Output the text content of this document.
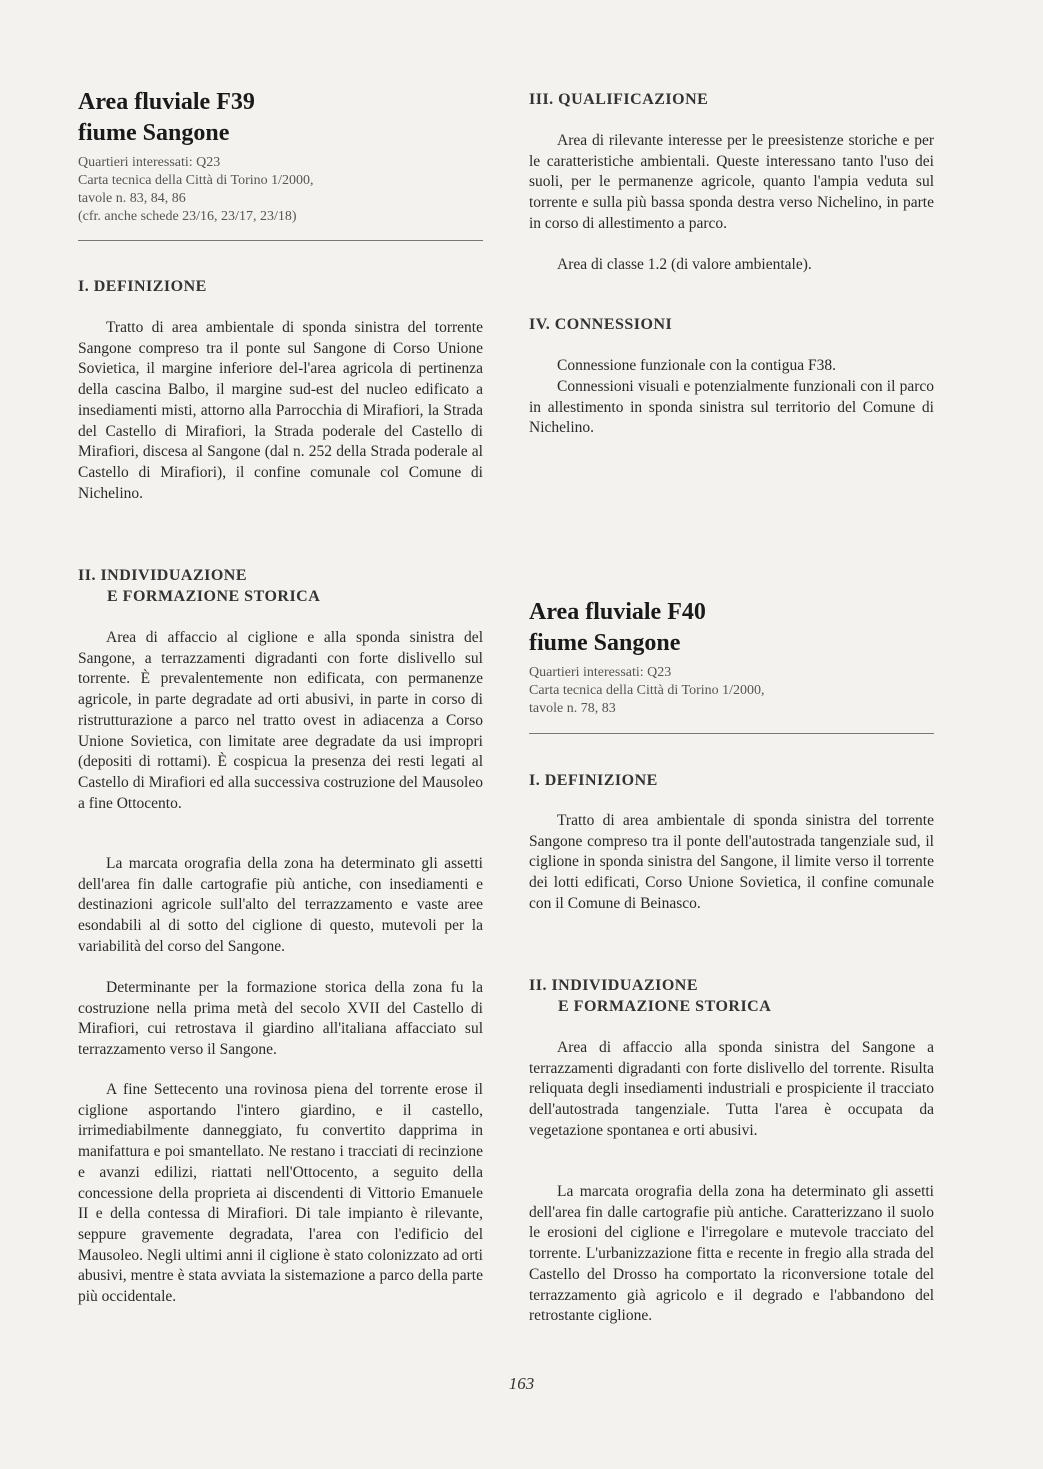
Area fluviale F39
fiume Sangone
Quartieri interessati: Q23
Carta tecnica della Città di Torino 1/2000,
tavole n. 83, 84, 86
(cfr. anche schede 23/16, 23/17, 23/18)
I. DEFINIZIONE

Tratto di area ambientale di sponda sinistra del torrente Sangone compreso tra il ponte sul Sangone di Corso Unione Sovietica, il margine inferiore del-l'area agricola di pertinenza della cascina Balbo, il margine sud-est del nucleo edificato a insediamenti misti, attorno alla Parrocchia di Mirafiori, la Strada del Castello di Mirafiori, la Strada poderale del Castello di Mirafiori, discesa al Sangone (dal n. 252 della Strada poderale al Castello di Mirafiori), il confine comunale col Comune di Nichelino.

II. INDIVIDUAZIONE
E FORMAZIONE STORICA

Area di affaccio al ciglione e alla sponda sinistra del Sangone, a terrazzamenti digradanti con forte dislivello sul torrente. È prevalentemente non edificata, con permanenze agricole, in parte degradate ad orti abusivi, in parte in corso di ristrutturazione a parco nel tratto ovest in adiacenza a Corso Unione Sovietica, con limitate aree degradate da usi impropri (depositi di rottami). È cospicua la presenza dei resti legati al Castello di Mirafiori ed alla successiva costruzione del Mausoleo a fine Ottocento.

La marcata orografia della zona ha determinato gli assetti dell'area fin dalle cartografie più antiche, con insediamenti e destinazioni agricole sull'alto del terrazzamento e vaste aree esondabili al di sotto del ciglione di questo, mutevoli per la variabilità del corso del Sangone.

Determinante per la formazione storica della zona fu la costruzione nella prima metà del secolo XVII del Castello di Mirafiori, cui retrostava il giardino all'italiana affacciato sul terrazzamento verso il Sangone.

A fine Settecento una rovinosa piena del torrente erose il ciglione asportando l'intero giardino, e il castello, irrimediabilmente danneggiato, fu convertito dapprima in manifattura e poi smantellato. Ne restano i tracciati di recinzione e avanzi edilizi, riattati nell'Ottocento, a seguito della concessione della proprieta ai discendenti di Vittorio Emanuele II e della contessa di Mirafiori. Di tale impianto è rilevante, seppure gravemente degradata, l'area con l'edificio del Mausoleo. Negli ultimi anni il ciglione è stato colonizzato ad orti abusivi, mentre è stata avviata la sistemazione a parco della parte più occidentale.

III. QUALIFICAZIONE

Area di rilevante interesse per le preesistenze storiche e per le caratteristiche ambientali. Queste interessano tanto l'uso dei suoli, per le permanenze agricole, quanto l'ampia veduta sul torrente e sulla più bassa sponda destra verso Nichelino, in parte in corso di allestimento a parco.

Area di classe 1.2 (di valore ambientale).

IV. CONNESSIONI

Connessione funzionale con la contigua F38.

Connessioni visuali e potenzialmente funzionali con il parco in allestimento in sponda sinistra sul territorio del Comune di Nichelino.

Area fluviale F40
fiume Sangone
Quartieri interessati: Q23
Carta tecnica della Città di Torino 1/2000,
tavole n. 78, 83
I. DEFINIZIONE

Tratto di area ambientale di sponda sinistra del torrente Sangone compreso tra il ponte dell'autostrada tangenziale sud, il ciglione in sponda sinistra del Sangone, il limite verso il torrente dei lotti edificati, Corso Unione Sovietica, il confine comunale con il Comune di Beinasco.

II. INDIVIDUAZIONE
E FORMAZIONE STORICA

Area di affaccio alla sponda sinistra del Sangone a terrazzamenti digradanti con forte dislivello del torrente. Risulta reliquata degli insediamenti industriali e prospiciente il tracciato dell'autostrada tangenziale. Tutta l'area è occupata da vegetazione spontanea e orti abusivi.

La marcata orografia della zona ha determinato gli assetti dell'area fin dalle cartografie più antiche. Caratterizzano il suolo le erosioni del ciglione e l'irregolare e mutevole tracciato del torrente. L'urbanizzazione fitta e recente in fregio alla strada del Castello del Drosso ha comportato la riconversione totale del terrazzamento già agricolo e il degrado e l'abbandono del retrostante ciglione.

163
